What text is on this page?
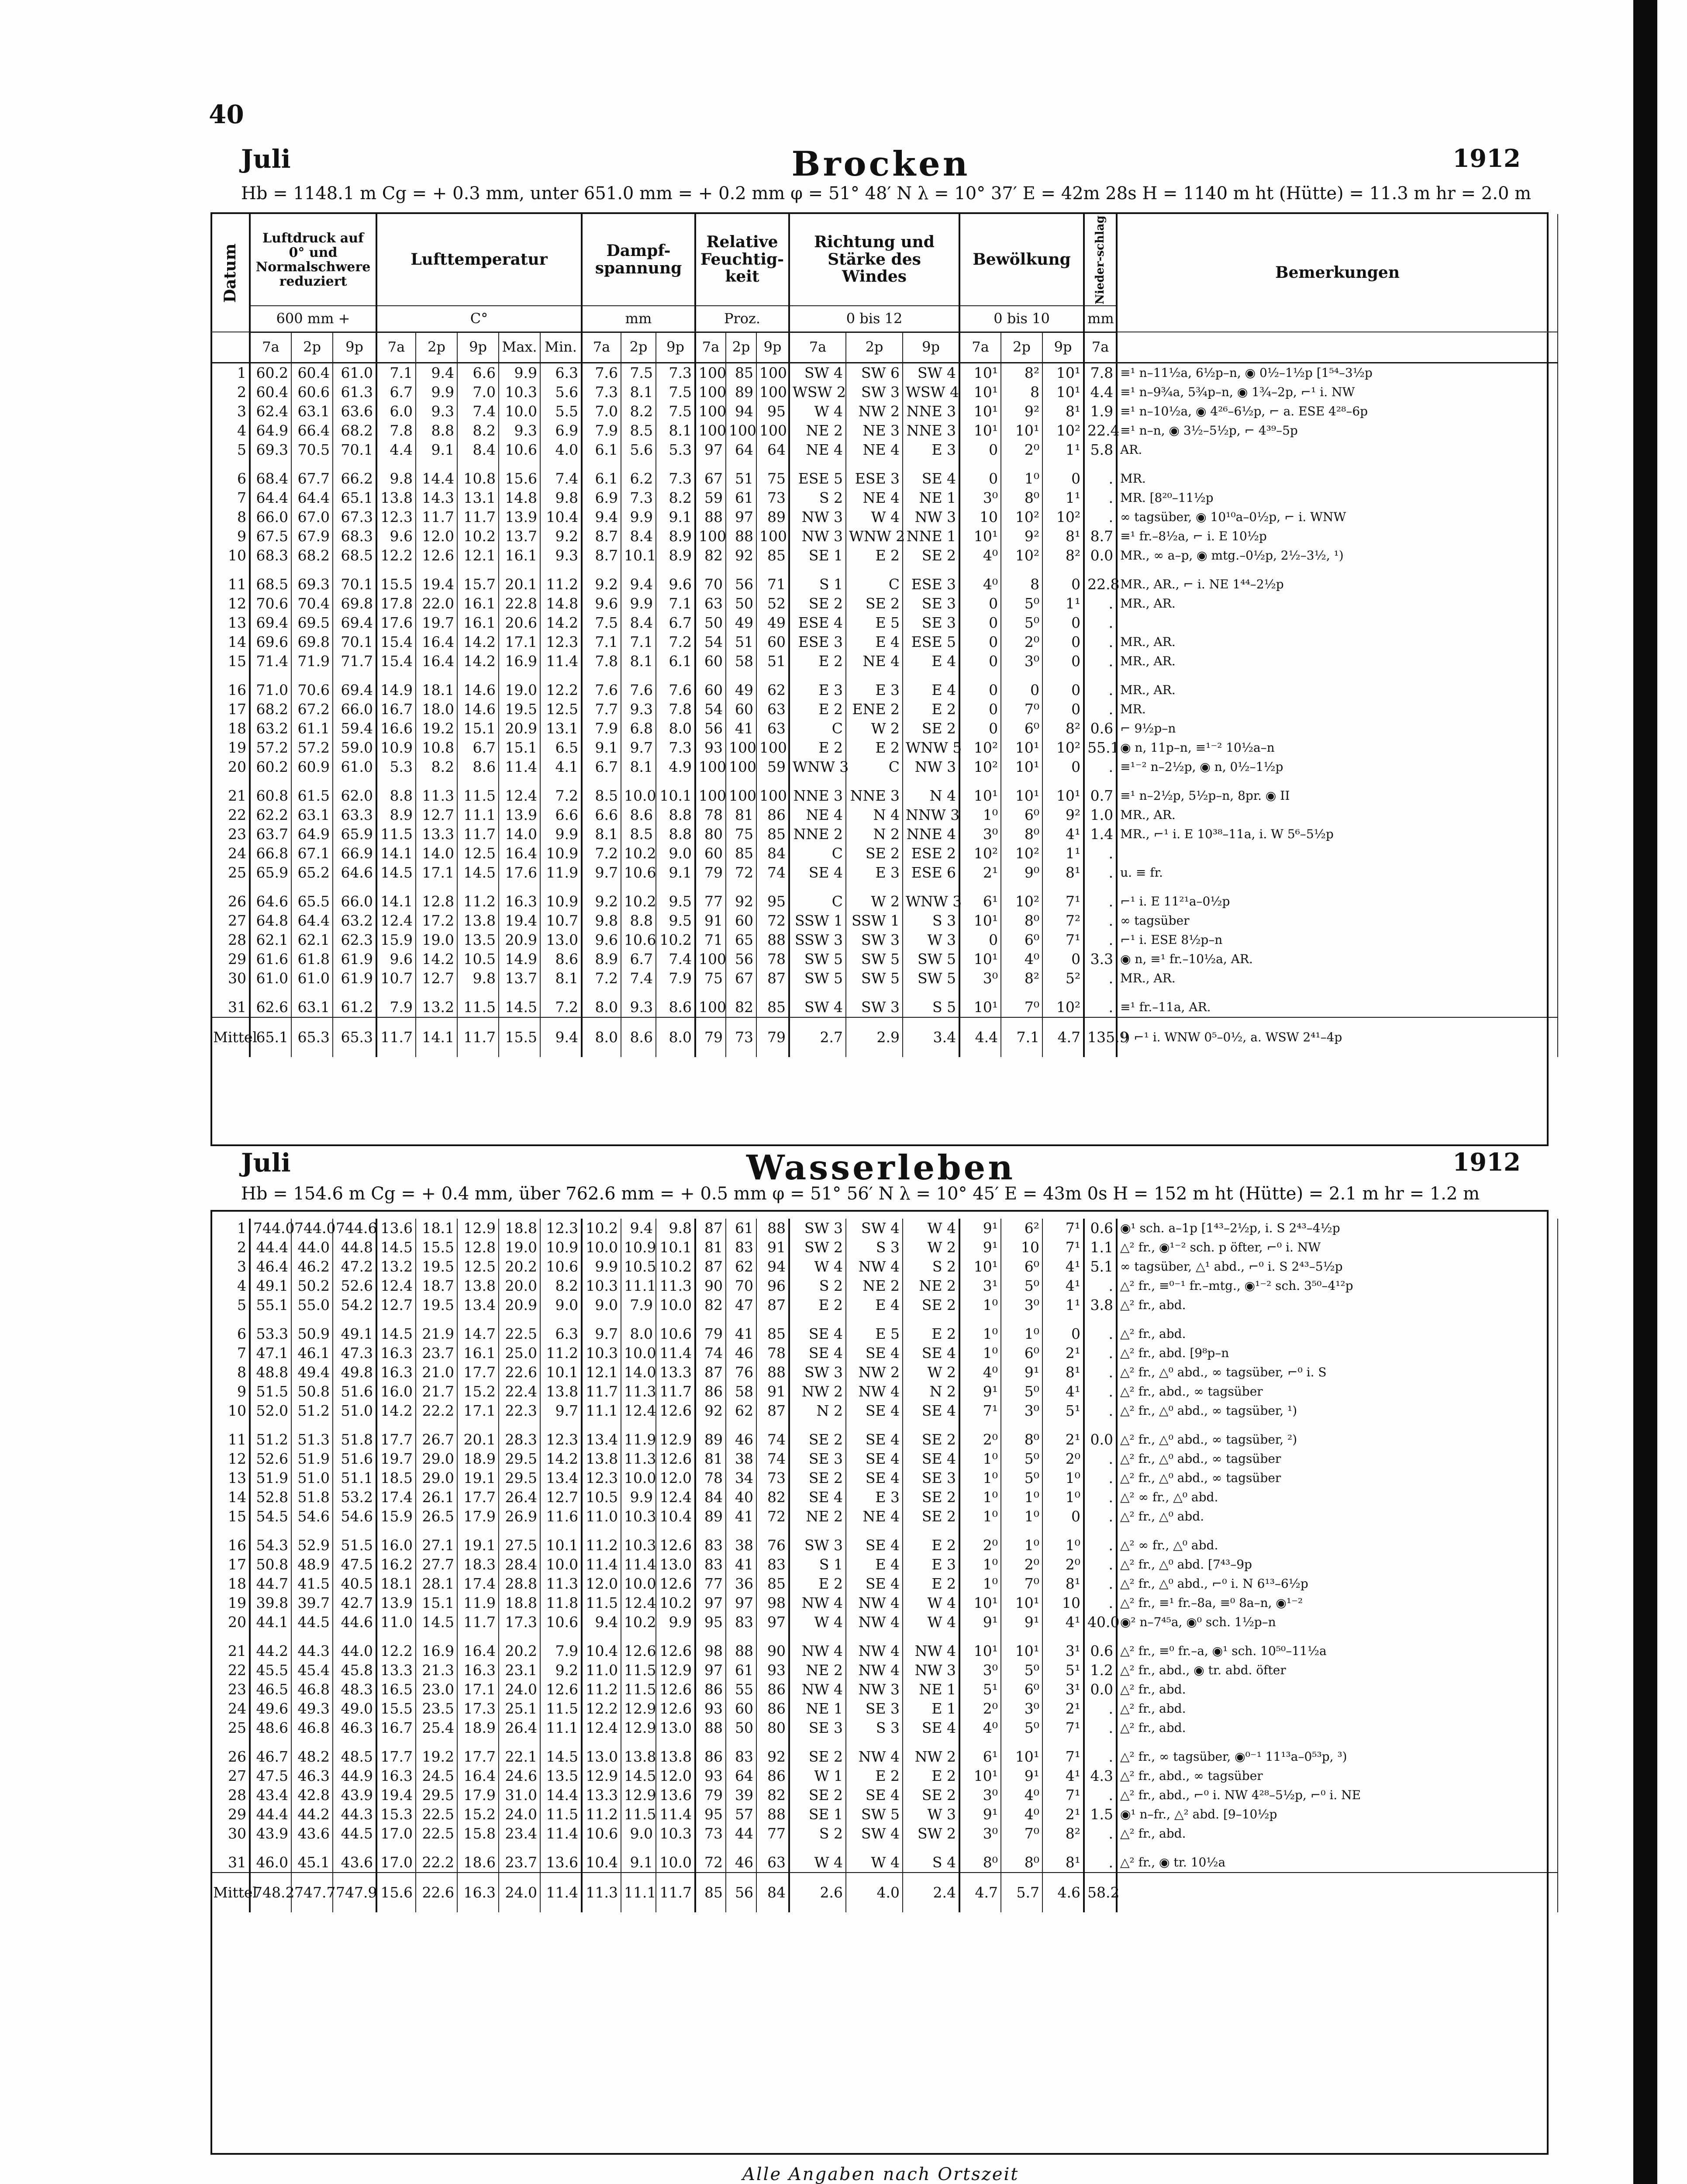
40
Juli	Brocken	1912
Hb = 1148.1 m Cg = + 0.3 mm, unter 651.0 mm = + 0.2 mm φ = 51° 48′ N λ = 10° 37′ E = 42m 28s H = 1140 m ht (Hütte) = 11.3 m hr = 2.0 m
Datum	Luftdruck auf 0° und Normalschwere reduziert			Lufttemperatur					Dampf-spannung			Relative Feuchtig-keit			Richtung und Stärke des Windes			Bewölkung			Nieder-schlag	Bemerkungen
	600 mm +			C°					mm			Proz.			0 bis 12			0 bis 10			mm	
	7a	2p	9p	7a	2p	9p	Max.	Min.	7a	2p	9p	7a	2p	9p	7a	2p	9p	7a	2p	9p	7a	
1	60.2	60.4	61.0	7.1	9.4	6.6	9.9	6.3	7.6	7.5	7.3	100	85	100	SW 4	SW 6	SW 4	10¹	8²	10¹	7.8	≡¹ n–11½a, 6½p–n, ◉ 0½–1½p [1⁵⁴–3½p
2	60.4	60.6	61.3	6.7	9.9	7.0	10.3	5.6	7.3	8.1	7.5	100	89	100	WSW 2	SW 3	WSW 4	10¹	8	10¹	4.4	≡¹ n–9¾a, 5¾p–n, ◉ 1¾–2p, ⌐¹ i. NW
3	62.4	63.1	63.6	6.0	9.3	7.4	10.0	5.5	7.0	8.2	7.5	100	94	95	W 4	NW 2	NNE 3	10¹	9²	8¹	1.9	≡¹ n–10½a, ◉ 4²⁶–6½p, ⌐ a. ESE 4²⁸–6p
4	64.9	66.4	68.2	7.8	8.8	8.2	9.3	6.9	7.9	8.5	8.1	100	100	100	NE 2	NE 3	NNE 3	10¹	10¹	10²	22.4	≡¹ n–n, ◉ 3½–5½p, ⌐ 4³⁹–5p
5	69.3	70.5	70.1	4.4	9.1	8.4	10.6	4.0	6.1	5.6	5.3	97	64	64	NE 4	NE 4	E 3	0	2⁰	1¹	5.8	AR.

6	68.4	67.7	66.2	9.8	14.4	10.8	15.6	7.4	6.1	6.2	7.3	67	51	75	ESE 5	ESE 3	SE 4	0	1⁰	0	.	MR.
7	64.4	64.4	65.1	13.8	14.3	13.1	14.8	9.8	6.9	7.3	8.2	59	61	73	S 2	NE 4	NE 1	3⁰	8⁰	1¹	.	MR. [8²⁰–11½p
8	66.0	67.0	67.3	12.3	11.7	11.7	13.9	10.4	9.4	9.9	9.1	88	97	89	NW 3	W 4	NW 3	10	10²	10²	.	∞ tagsüber, ◉ 10¹⁰a–0½p, ⌐ i. WNW
9	67.5	67.9	68.3	9.6	12.0	10.2	13.7	9.2	8.7	8.4	8.9	100	88	100	NW 3	WNW 2	NNE 1	10¹	9²	8¹	8.7	≡¹ fr.–8½a, ⌐ i. E 10½p
10	68.3	68.2	68.5	12.2	12.6	12.1	16.1	9.3	8.7	10.1	8.9	82	92	85	SE 1	E 2	SE 2	4⁰	10²	8²	0.0	MR., ∞ a–p, ◉ mtg.–0½p, 2½–3½, ¹)

11	68.5	69.3	70.1	15.5	19.4	15.7	20.1	11.2	9.2	9.4	9.6	70	56	71	S 1	C	ESE 3	4⁰	8	0	22.8	MR., AR., ⌐ i. NE 1⁴⁴–2½p
12	70.6	70.4	69.8	17.8	22.0	16.1	22.8	14.8	9.6	9.9	7.1	63	50	52	SE 2	SE 2	SE 3	0	5⁰	1¹	.	MR., AR.
13	69.4	69.5	69.4	17.6	19.7	16.1	20.6	14.2	7.5	8.4	6.7	50	49	49	ESE 4	E 5	SE 3	0	5⁰	0	.	
14	69.6	69.8	70.1	15.4	16.4	14.2	17.1	12.3	7.1	7.1	7.2	54	51	60	ESE 3	E 4	ESE 5	0	2⁰	0	.	MR., AR.
15	71.4	71.9	71.7	15.4	16.4	14.2	16.9	11.4	7.8	8.1	6.1	60	58	51	E 2	NE 4	E 4	0	3⁰	0	.	MR., AR.

16	71.0	70.6	69.4	14.9	18.1	14.6	19.0	12.2	7.6	7.6	7.6	60	49	62	E 3	E 3	E 4	0	0	0	.	MR., AR.
17	68.2	67.2	66.0	16.7	18.0	14.6	19.5	12.5	7.7	9.3	7.8	54	60	63	E 2	ENE 2	E 2	0	7⁰	0	.	MR.
18	63.2	61.1	59.4	16.6	19.2	15.1	20.9	13.1	7.9	6.8	8.0	56	41	63	C	W 2	SE 2	0	6⁰	8²	0.6	⌐ 9½p–n
19	57.2	57.2	59.0	10.9	10.8	6.7	15.1	6.5	9.1	9.7	7.3	93	100	100	E 2	E 2	WNW 5	10²	10¹	10²	55.1	◉ n, 11p–n, ≡¹⁻² 10½a–n
20	60.2	60.9	61.0	5.3	8.2	8.6	11.4	4.1	6.7	8.1	4.9	100	100	59	WNW 3	C	NW 3	10²	10¹	0	.	≡¹⁻² n–2½p, ◉ n, 0½–1½p

21	60.8	61.5	62.0	8.8	11.3	11.5	12.4	7.2	8.5	10.0	10.1	100	100	100	NNE 3	NNE 3	N 4	10¹	10¹	10¹	0.7	≡¹ n–2½p, 5½p–n, 8pr. ◉ II
22	62.2	63.1	63.3	8.9	12.7	11.1	13.9	6.6	6.6	8.6	8.8	78	81	86	NE 4	N 4	NNW 3	1⁰	6⁰	9²	1.0	MR., AR.
23	63.7	64.9	65.9	11.5	13.3	11.7	14.0	9.9	8.1	8.5	8.8	80	75	85	NNE 2	N 2	NNE 4	3⁰	8⁰	4¹	1.4	MR., ⌐¹ i. E 10³⁸–11a, i. W 5⁶–5½p
24	66.8	67.1	66.9	14.1	14.0	12.5	16.4	10.9	7.2	10.2	9.0	60	85	84	C	SE 2	ESE 2	10²	10²	1¹	.	
25	65.9	65.2	64.6	14.5	17.1	14.5	17.6	11.9	9.7	10.6	9.1	79	72	74	SE 4	E 3	ESE 6	2¹	9⁰	8¹	.	u. ≡ fr.

26	64.6	65.5	66.0	14.1	12.8	11.2	16.3	10.9	9.2	10.2	9.5	77	92	95	C	W 2	WNW 3	6¹	10²	7¹	.	⌐¹ i. E 11²¹a–0½p
27	64.8	64.4	63.2	12.4	17.2	13.8	19.4	10.7	9.8	8.8	9.5	91	60	72	SSW 1	SSW 1	S 3	10¹	8⁰	7²	.	∞ tagsüber
28	62.1	62.1	62.3	15.9	19.0	13.5	20.9	13.0	9.6	10.6	10.2	71	65	88	SSW 3	SW 3	W 3	0	6⁰	7¹	.	⌐¹ i. ESE 8½p–n
29	61.6	61.8	61.9	9.6	14.2	10.5	14.9	8.6	8.9	6.7	7.4	100	56	78	SW 5	SW 5	SW 5	10¹	4⁰	0	3.3	◉ n, ≡¹ fr.–10½a, AR.
30	61.0	61.0	61.9	10.7	12.7	9.8	13.7	8.1	7.2	7.4	7.9	75	67	87	SW 5	SW 5	SW 5	3⁰	8²	5²	.	MR., AR.

31	62.6	63.1	61.2	7.9	13.2	11.5	14.5	7.2	8.0	9.3	8.6	100	82	85	SW 4	SW 3	S 5	10¹	7⁰	10²	.	≡¹ fr.–11a, AR.
Mittel	65.1	65.3	65.3	11.7	14.1	11.7	15.5	9.4	8.0	8.6	8.0	79	73	79	2.7	2.9	3.4	4.4	7.1	4.7	135.9	¹) ⌐¹ i. WNW 0⁵–0½, a. WSW 2⁴¹–4p
Juli	Wasserleben	1912
Hb = 154.6 m Cg = + 0.4 mm, über 762.6 mm = + 0.5 mm φ = 51° 56′ N λ = 10° 45′ E = 43m 0s H = 152 m ht (Hütte) = 2.1 m hr = 1.2 m
1	744.0	744.0	744.6	13.6	18.1	12.9	18.8	12.3	10.2	9.4	9.8	87	61	88	SW 3	SW 4	W 4	9¹	6²	7¹	0.6	◉¹ sch. a–1p [1⁴³–2½p, i. S 2⁴³–4½p
2	44.4	44.0	44.8	14.5	15.5	12.8	19.0	10.9	10.0	10.9	10.1	81	83	91	SW 2	S 3	W 2	9¹	10	7¹	1.1	△² fr., ◉¹⁻² sch. p öfter, ⌐⁰ i. NW
3	46.4	46.2	47.2	13.2	19.5	12.5	20.2	10.6	9.9	10.5	10.2	87	62	94	W 4	NW 4	S 2	10¹	6⁰	4¹	5.1	∞ tagsüber, △¹ abd., ⌐⁰ i. S 2⁴³–5½p
4	49.1	50.2	52.6	12.4	18.7	13.8	20.0	8.2	10.3	11.1	11.3	90	70	96	S 2	NE 2	NE 2	3¹	5⁰	4¹	.	△² fr., ≡⁰⁻¹ fr.–mtg., ◉¹⁻² sch. 3⁵⁰–4¹²p
5	55.1	55.0	54.2	12.7	19.5	13.4	20.9	9.0	9.0	7.9	10.0	82	47	87	E 2	E 4	SE 2	1⁰	3⁰	1¹	3.8	△² fr., abd.

6	53.3	50.9	49.1	14.5	21.9	14.7	22.5	6.3	9.7	8.0	10.6	79	41	85	SE 4	E 5	E 2	1⁰	1⁰	0	.	△² fr., abd.
7	47.1	46.1	47.3	16.3	23.7	16.1	25.0	11.2	10.3	10.0	11.4	74	46	78	SE 4	SE 4	SE 4	1⁰	6⁰	2¹	.	△² fr., abd. [9⁸p–n
8	48.8	49.4	49.8	16.3	21.0	17.7	22.6	10.1	12.1	14.0	13.3	87	76	88	SW 3	NW 2	W 2	4⁰	9¹	8¹	.	△² fr., △⁰ abd., ∞ tagsüber, ⌐⁰ i. S
9	51.5	50.8	51.6	16.0	21.7	15.2	22.4	13.8	11.7	11.3	11.7	86	58	91	NW 2	NW 4	N 2	9¹	5⁰	4¹	.	△² fr., abd., ∞ tagsüber
10	52.0	51.2	51.0	14.2	22.2	17.1	22.3	9.7	11.1	12.4	12.6	92	62	87	N 2	SE 4	SE 4	7¹	3⁰	5¹	.	△² fr., △⁰ abd., ∞ tagsüber, ¹)

11	51.2	51.3	51.8	17.7	26.7	20.1	28.3	12.3	13.4	11.9	12.9	89	46	74	SE 2	SE 4	SE 2	2⁰	8⁰	2¹	0.0	△² fr., △⁰ abd., ∞ tagsüber, ²)
12	52.6	51.9	51.6	19.7	29.0	18.9	29.5	14.2	13.8	11.3	12.6	81	38	74	SE 3	SE 4	SE 4	1⁰	5⁰	2⁰	.	△² fr., △⁰ abd., ∞ tagsüber
13	51.9	51.0	51.1	18.5	29.0	19.1	29.5	13.4	12.3	10.0	12.0	78	34	73	SE 2	SE 4	SE 3	1⁰	5⁰	1⁰	.	△² fr., △⁰ abd., ∞ tagsüber
14	52.8	51.8	53.2	17.4	26.1	17.7	26.4	12.7	10.5	9.9	12.4	84	40	82	SE 4	E 3	SE 2	1⁰	1⁰	1⁰	.	△² ∞ fr., △⁰ abd.
15	54.5	54.6	54.6	15.9	26.5	17.9	26.9	11.6	11.0	10.3	10.4	89	41	72	NE 2	NE 4	SE 2	1⁰	1⁰	0	.	△² fr., △⁰ abd.

16	54.3	52.9	51.5	16.0	27.1	19.1	27.5	10.1	11.2	10.3	12.6	83	38	76	SW 3	SE 4	E 2	2⁰	1⁰	1⁰	.	△² ∞ fr., △⁰ abd.
17	50.8	48.9	47.5	16.2	27.7	18.3	28.4	10.0	11.4	11.4	13.0	83	41	83	S 1	E 4	E 3	1⁰	2⁰	2⁰	.	△² fr., △⁰ abd. [7⁴³–9p
18	44.7	41.5	40.5	18.1	28.1	17.4	28.8	11.3	12.0	10.0	12.6	77	36	85	E 2	SE 4	E 2	1⁰	7⁰	8¹	.	△² fr., △⁰ abd., ⌐⁰ i. N 6¹³–6½p
19	39.8	39.7	42.7	13.9	15.1	11.9	18.8	11.8	11.5	12.4	10.2	97	97	98	NW 4	NW 4	W 4	10¹	10¹	10	.	△² fr., ≡¹ fr.–8a, ≡⁰ 8a–n, ◉¹⁻²
20	44.1	44.5	44.6	11.0	14.5	11.7	17.3	10.6	9.4	10.2	9.9	95	83	97	W 4	NW 4	W 4	9¹	9¹	4¹	40.0	◉² n–7⁴⁵a, ◉⁰ sch. 1½p–n

21	44.2	44.3	44.0	12.2	16.9	16.4	20.2	7.9	10.4	12.6	12.6	98	88	90	NW 4	NW 4	NW 4	10¹	10¹	3¹	0.6	△² fr., ≡⁰ fr.–a, ◉¹ sch. 10⁵⁰–11½a
22	45.5	45.4	45.8	13.3	21.3	16.3	23.1	9.2	11.0	11.5	12.9	97	61	93	NE 2	NW 4	NW 3	3⁰	5⁰	5¹	1.2	△² fr., abd., ◉ tr. abd. öfter
23	46.5	46.8	48.3	16.5	23.0	17.1	24.0	12.6	11.2	11.5	12.6	86	55	86	NW 4	NW 3	NE 1	5¹	6⁰	3¹	0.0	△² fr., abd.
24	49.6	49.3	49.0	15.5	23.5	17.3	25.1	11.5	12.2	12.9	12.6	93	60	86	NE 1	SE 3	E 1	2⁰	3⁰	2¹	.	△² fr., abd.
25	48.6	46.8	46.3	16.7	25.4	18.9	26.4	11.1	12.4	12.9	13.0	88	50	80	SE 3	S 3	SE 4	4⁰	5⁰	7¹	.	△² fr., abd.

26	46.7	48.2	48.5	17.7	19.2	17.7	22.1	14.5	13.0	13.8	13.8	86	83	92	SE 2	NW 4	NW 2	6¹	10¹	7¹	.	△² fr., ∞ tagsüber, ◉⁰⁻¹ 11¹³a–0⁵³p, ³)
27	47.5	46.3	44.9	16.3	24.5	16.4	24.6	13.5	12.9	14.5	12.0	93	64	86	W 1	E 2	E 2	10¹	9¹	4¹	4.3	△² fr., abd., ∞ tagsüber
28	43.4	42.8	43.9	19.4	29.5	17.9	31.0	14.4	13.3	12.9	13.6	79	39	82	SE 2	SE 4	SE 2	3⁰	4⁰	7¹	.	△² fr., abd., ⌐⁰ i. NW 4²⁸–5½p, ⌐⁰ i. NE
29	44.4	44.2	44.3	15.3	22.5	15.2	24.0	11.5	11.2	11.5	11.4	95	57	88	SE 1	SW 5	W 3	9¹	4⁰	2¹	1.5	◉¹ n–fr., △² abd. [9–10½p
30	43.9	43.6	44.5	17.0	22.5	15.8	23.4	11.4	10.6	9.0	10.3	73	44	77	S 2	SW 4	SW 2	3⁰	7⁰	8²	.	△² fr., abd.

31	46.0	45.1	43.6	17.0	22.2	18.6	23.7	13.6	10.4	9.1	10.0	72	46	63	W 4	W 4	S 4	8⁰	8⁰	8¹	.	△² fr., ◉ tr. 10½a
Mittel	748.2	747.7	747.9	15.6	22.6	16.3	24.0	11.4	11.3	11.1	11.7	85	56	84	2.6	4.0	2.4	4.7	5.7	4.6	58.2	
Alle Angaben nach Ortszeit
